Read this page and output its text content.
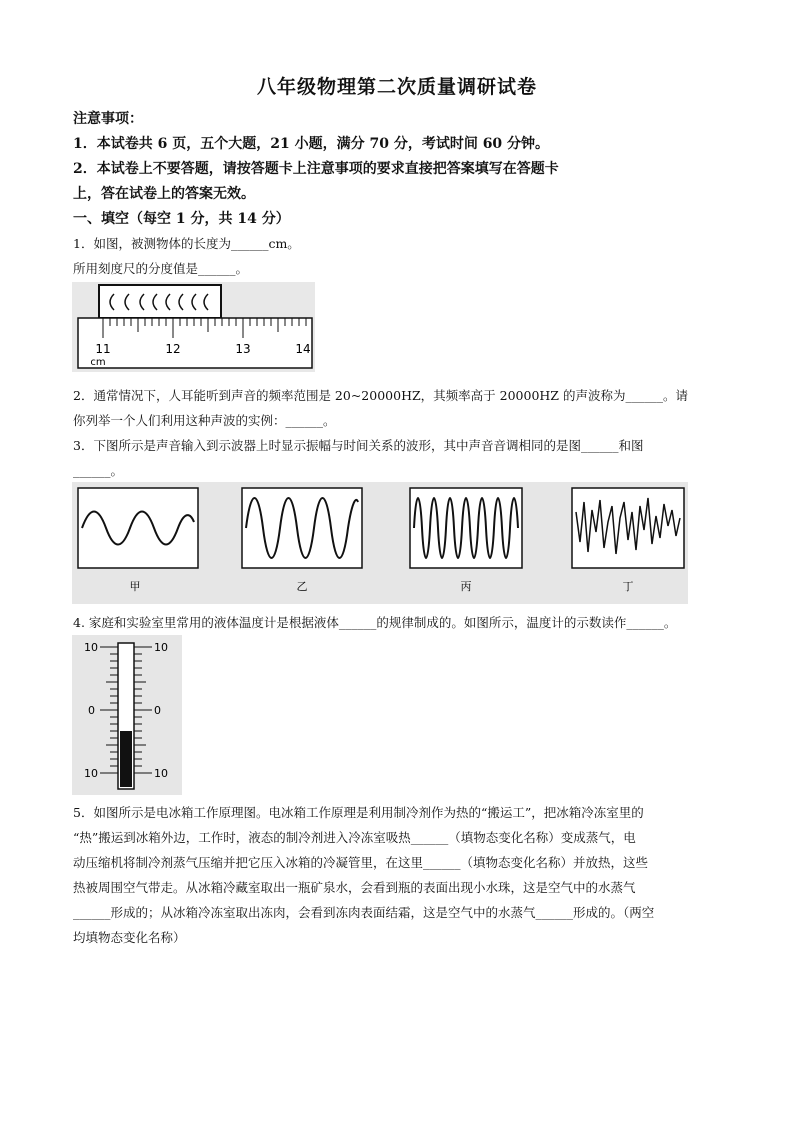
八年级物理第二次质量调研试卷

注意事项：

1．本试卷共 6 页，五个大题，21 小题，满分 70 分，考试时间 60 分钟。

2．本试卷上不要答题，请按答题卡上注意事项的要求直接把答案填写在答题卡

上，答在试卷上的答案无效。

一、填空（每空 1 分，共 14 分）

1．如图，被测物体的长度为______cm。

所用刻度尺的分度值是______。

11	12	13	14
cm

2．通常情况下，人耳能听到声音的频率范围是 20~20000HZ，其频率高于 20000HZ 的声波称为______。请

你列举一个人们利用这种声波的实例：______。

3．下图所示是声音输入到示波器上时显示振幅与时间关系的波形，其中声音音调相同的是图______和图

______。

甲	乙	丙	丁

4. 家庭和实验室里常用的液体温度计是根据液体______的规律制成的。如图所示，温度计的示数读作______。

10
0
10
10
0
10

5．如图所示是电冰箱工作原理图。电冰箱工作原理是利用制冷剂作为热的“搬运工”，把冰箱冷冻室里的

“热”搬运到冰箱外边，工作时，液态的制冷剂进入冷冻室吸热______（填物态变化名称）变成蒸气，电

动压缩机将制冷剂蒸气压缩并把它压入冰箱的冷凝管里，在这里______（填物态变化名称）并放热，这些

热被周围空气带走。从冰箱冷藏室取出一瓶矿泉水，会看到瓶的表面出现小水珠，这是空气中的水蒸气

______形成的；从冰箱冷冻室取出冻肉，会看到冻肉表面结霜，这是空气中的水蒸气______形成的。（两空

均填物态变化名称）
